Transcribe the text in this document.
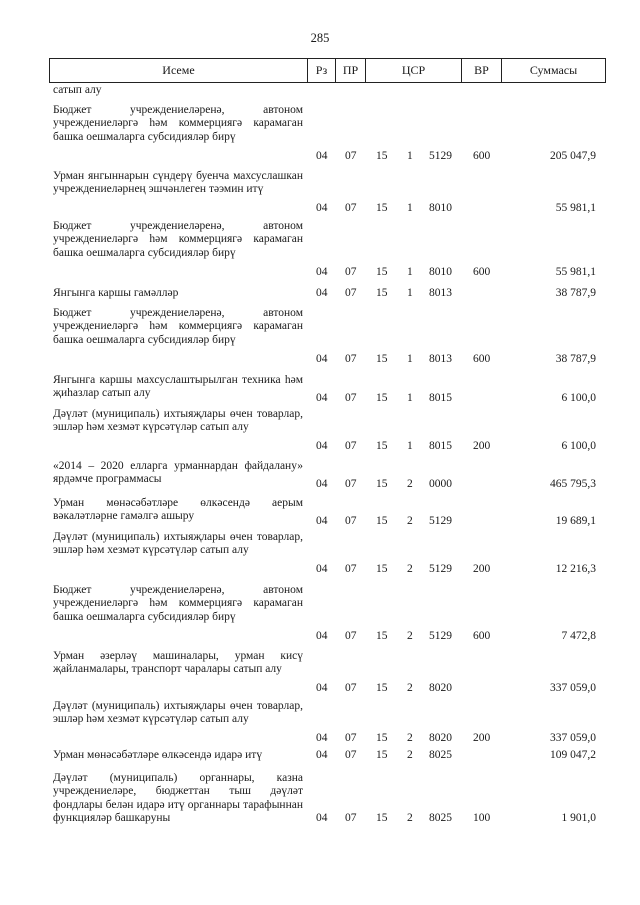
285
Исеме	Рз	ПР	ЦСР	ВР	Суммасы
сатып алу
Бюджет учреждениеләренә, автоном учреждениеләргә һәм коммерциягә карамаган башка оешмаларга субсидияләр бирү
04 07 15 1 5129 600	205 047,9
Урман янгыннарын сүндерү буенча махсуслашкан учреждениеләрнең эшчәнлеген тәэмин итү
04 07 15 1 8010	55 981,1
Бюджет учреждениеләренә, автоном учреждениеләргә һәм коммерциягә карамаган башка оешмаларга субсидияләр бирү
04 07 15 1 8010 600	55 981,1
Янгынга каршы гамәлләр	04 07 15 1 8013	38 787,9
Бюджет учреждениеләренә, автоном учреждениеләргә һәм коммерциягә карамаган башка оешмаларга субсидияләр бирү
04 07 15 1 8013 600	38 787,9
Янгынга каршы махсуслаштырылган техника һәм җиһазлар сатып алу	04 07 15 1 8015	6 100,0
Дәүләт (муниципаль) ихтыяҗлары өчен товарлар, эшләр һәм хезмәт күрсәтүләр сатып алу
04 07 15 1 8015 200	6 100,0
«2014 – 2020 елларга урманнардан файдалану» ярдәмче программасы	04 07 15 2 0000	465 795,3
Урман мөнәсәбәтләре өлкәсендә аерым вәкаләтләрне гамәлгә ашыру	04 07 15 2 5129	19 689,1
Дәүләт (муниципаль) ихтыяҗлары өчен товарлар, эшләр һәм хезмәт күрсәтүләр сатып алу
04 07 15 2 5129 200	12 216,3
Бюджет учреждениеләренә, автоном учреждениеләргә һәм коммерциягә карамаган башка оешмаларга субсидияләр бирү
04 07 15 2 5129 600	7 472,8
Урман әзерләү машиналары, урман кисү җайланмалары, транспорт чаралары сатып алу
04 07 15 2 8020	337 059,0
Дәүләт (муниципаль) ихтыяҗлары өчен товарлар, эшләр һәм хезмәт күрсәтүләр сатып алу
04 07 15 2 8020 200	337 059,0
Урман мөнәсәбәтләре өлкәсендә идарә итү	04 07 15 2 8025	109 047,2
Дәүләт (муниципаль) органнары, казна учреждениеләре, бюджеттан тыш дәүләт фондлары белән идарә итү органнары тарафыннан функцияләр башкаруны	04 07 15 2 8025 100	1 901,0
